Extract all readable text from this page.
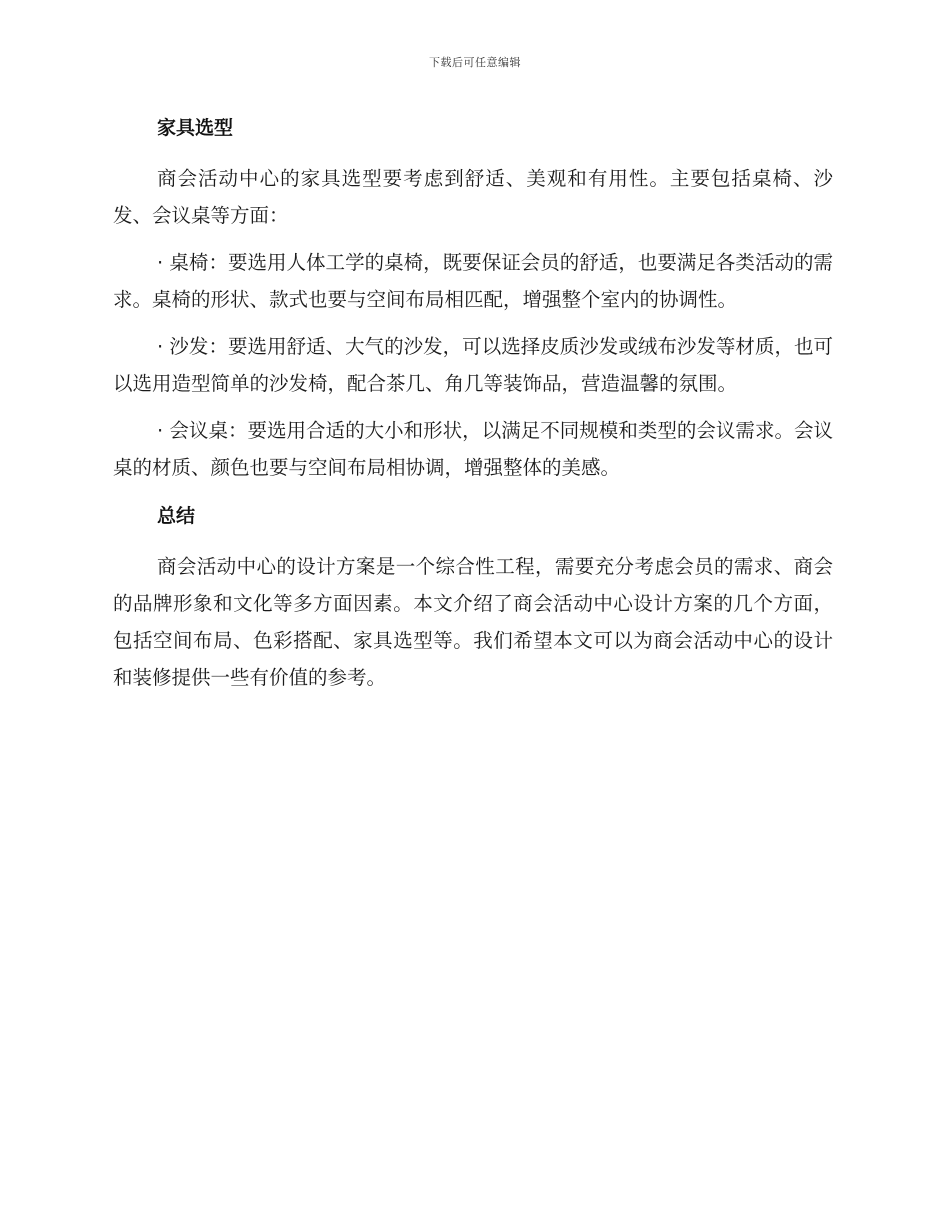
下载后可任意编辑
家具选型

商会活动中心的家具选型要考虑到舒适、美观和有用性。主要包括桌椅、沙发、会议桌等方面：

· 桌椅：要选用人体工学的桌椅，既要保证会员的舒适，也要满足各类活动的需求。桌椅的形状、款式也要与空间布局相匹配，增强整个室内的协调性。

· 沙发：要选用舒适、大气的沙发，可以选择皮质沙发或绒布沙发等材质，也可以选用造型简单的沙发椅，配合茶几、角几等装饰品，营造温馨的氛围。

· 会议桌：要选用合适的大小和形状，以满足不同规模和类型的会议需求。会议桌的材质、颜色也要与空间布局相协调，增强整体的美感。

总结

商会活动中心的设计方案是一个综合性工程，需要充分考虑会员的需求、商会的品牌形象和文化等多方面因素。本文介绍了商会活动中心设计方案的几个方面，包括空间布局、色彩搭配、家具选型等。我们希望本文可以为商会活动中心的设计和装修提供一些有价值的参考。
